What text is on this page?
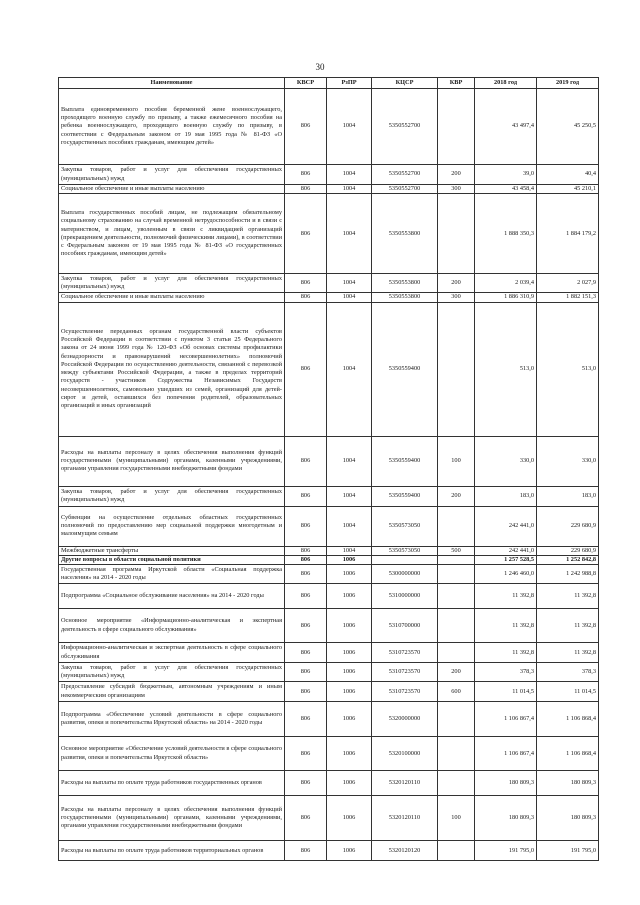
30
Наименование	КВСР	РзПР	КЦСР	КВР	2018 год	2019 год
Выплата единовременного пособия беременной жене военнослужащего, проходящего военную службу по призыву, а также ежемесячного пособия на ребенка военнослужащего, проходящего военную службу по призыву, в соответствии с Федеральным законом от 19 мая 1995 года № 81-ФЗ «О государственных пособиях гражданам, имеющим детей»	806	1004	5350552700		43 497,4	45 250,5
Закупка товаров, работ и услуг для обеспечения государственных (муниципальных) нужд	806	1004	5350552700	200	39,0	40,4
Социальное обеспечение и иные выплаты населению	806	1004	5350552700	300	43 458,4	45 210,1
Выплата государственных пособий лицам, не подлежащим обязательному социальному страхованию на случай временной нетрудоспособности и в связи с материнством, и лицам, уволенным в связи с ликвидацией организаций (прекращением деятельности, полномочий физическими лицами), в соответствии с Федеральным законом от 19 мая 1995 года № 81-ФЗ «О государственных пособиях гражданам, имеющим детей»	806	1004	5350553800		1 888 350,3	1 884 179,2
Закупка товаров, работ и услуг для обеспечения государственных (муниципальных) нужд	806	1004	5350553800	200	2 039,4	2 027,9
Социальное обеспечение и иные выплаты населению	806	1004	5350553800	300	1 886 310,9	1 882 151,3
Осуществление переданных органам государственной власти субъектов Российской Федерации в соответствии с пунктом 3 статьи 25 Федерального закона от 24 июня 1999 года № 120-ФЗ «Об основах системы профилактики безнадзорности и правонарушений несовершеннолетних» полномочий Российской Федерации по осуществлению деятельности, связанной с перевозкой между субъектами Российской Федерации, а также в пределах территорий государств - участников Содружества Независимых Государств несовершеннолетних, самовольно ушедших из семей, организаций для детей-сирот и детей, оставшихся без попечения родителей, образовательных организаций и иных организаций	806	1004	5350559400		513,0	513,0
Расходы на выплаты персоналу в целях обеспечения выполнения функций государственными (муниципальными) органами, казенными учреждениями, органами управления государственными внебюджетными фондами	806	1004	5350559400	100	330,0	330,0
Закупка товаров, работ и услуг для обеспечения государственных (муниципальных) нужд	806	1004	5350559400	200	183,0	183,0
Субвенции на осуществление отдельных областных государственных полномочий по предоставлению мер социальной поддержки многодетным и малоимущим семьям	806	1004	5350573050		242 441,0	229 680,9
Межбюджетные трансферты	806	1004	5350573050	500	242 441,0	229 680,9
Другие вопросы в области социальной политики	806	1006			1 257 528,5	1 252 842,8
Государственная программа Иркутской области «Социальная поддержка населения» на 2014 - 2020 годы	806	1006	5300000000		1 246 460,0	1 242 988,8
Подпрограмма «Социальное обслуживание населения» на 2014 - 2020 годы	806	1006	5310000000		11 392,8	11 392,8
Основное мероприятие «Информационно-аналитическая и экспертная деятельность в сфере социального обслуживания»	806	1006	5310700000		11 392,8	11 392,8
Информационно-аналитическая и экспертная деятельность в сфере социального обслуживания	806	1006	5310723570		11 392,8	11 392,8
Закупка товаров, работ и услуг для обеспечения государственных (муниципальных) нужд	806	1006	5310723570	200	378,3	378,3
Предоставление субсидий бюджетным, автономным учреждениям и иным некоммерческим организациям	806	1006	5310723570	600	11 014,5	11 014,5
Подпрограмма «Обеспечение условий деятельности в сфере социального развития, опеки и попечительства Иркутской области» на 2014 - 2020 годы	806	1006	5320000000		1 106 867,4	1 106 868,4
Основное мероприятие «Обеспечение условий деятельности в сфере социального развития, опеки и попечительства Иркутской области»	806	1006	5320100000		1 106 867,4	1 106 868,4
Расходы на выплаты по оплате труда работников государственных органов	806	1006	5320120110		180 809,3	180 809,3
Расходы на выплаты персоналу в целях обеспечения выполнения функций государственными (муниципальными) органами, казенными учреждениями, органами управления государственными внебюджетными фондами	806	1006	5320120110	100	180 809,3	180 809,3
Расходы на выплаты по оплате труда работников территориальных органов	806	1006	5320120120		191 795,0	191 795,0
